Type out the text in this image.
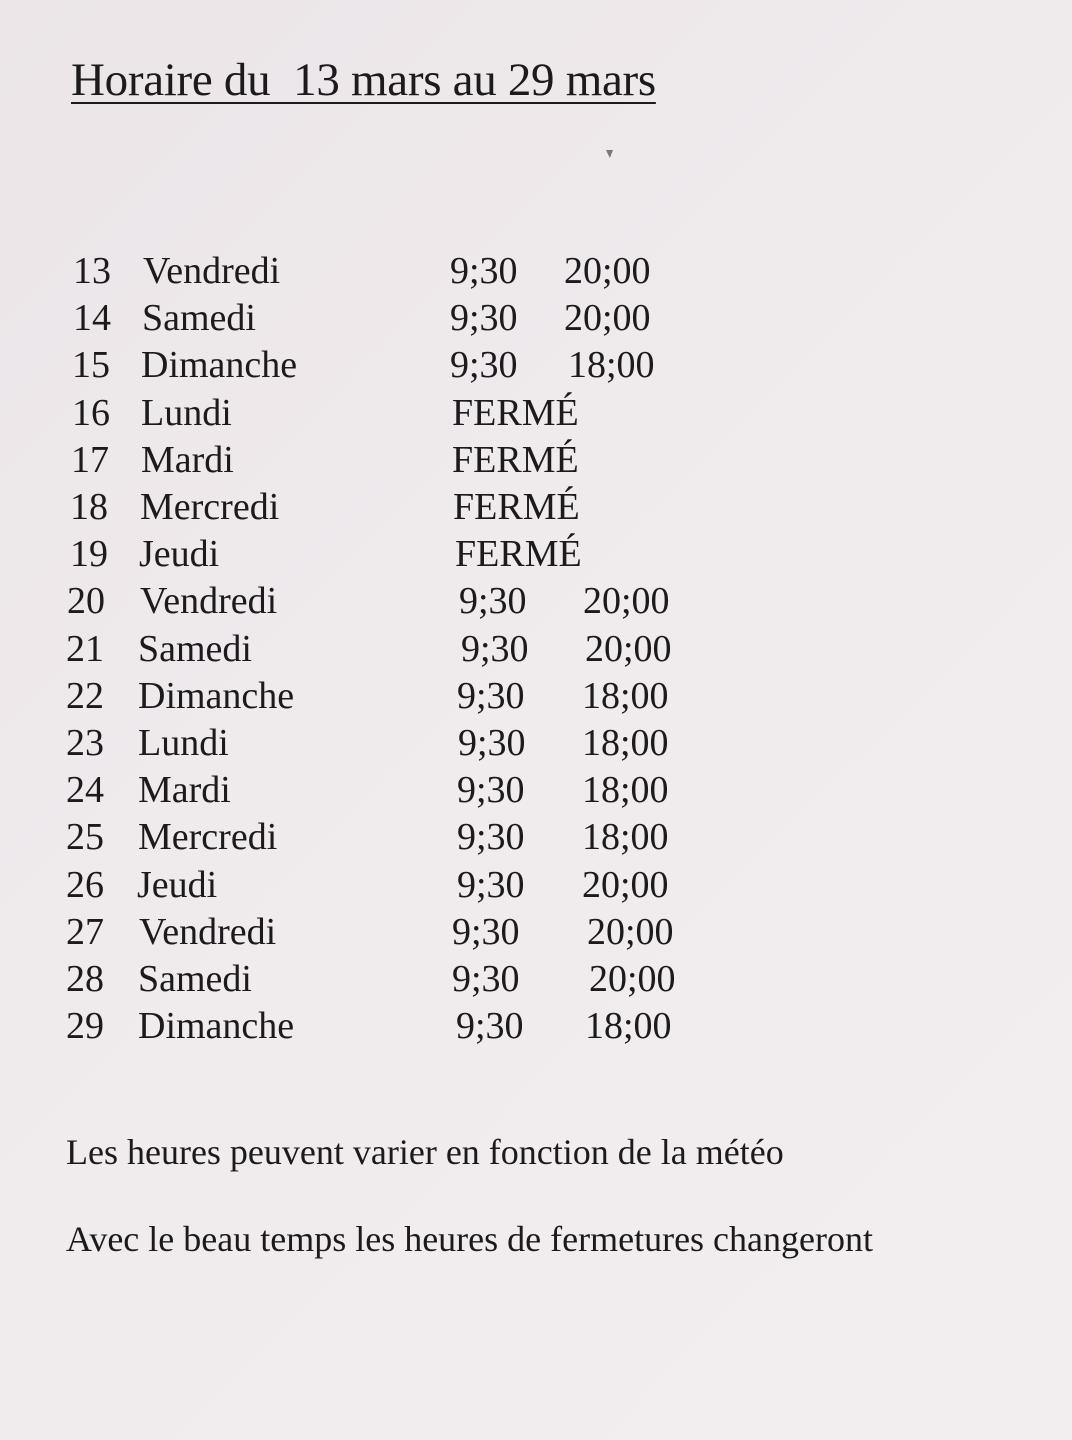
Horaire du  13 mars au 29 mars
13 Vendredi	9;30 20;00
14 Samedi	9;30 20;00
15 Dimanche	9;30 18;00
16 Lundi	FERMÉ
17 Mardi	FERMÉ
18 Mercredi	FERMÉ
19 Jeudi	FERMÉ
20 Vendredi	9;30 20;00
21 Samedi	9;30 20;00
22 Dimanche	9;30 18;00
23 Lundi	9;30 18;00
24 Mardi	9;30 18;00
25 Mercredi	9;30 18;00
26 Jeudi	9;30 20;00
27 Vendredi	9;30 20;00
28 Samedi	9;30 20;00
29 Dimanche	9;30 18;00
Les heures peuvent varier en fonction de la météo
Avec le beau temps les heures de fermetures changeront
